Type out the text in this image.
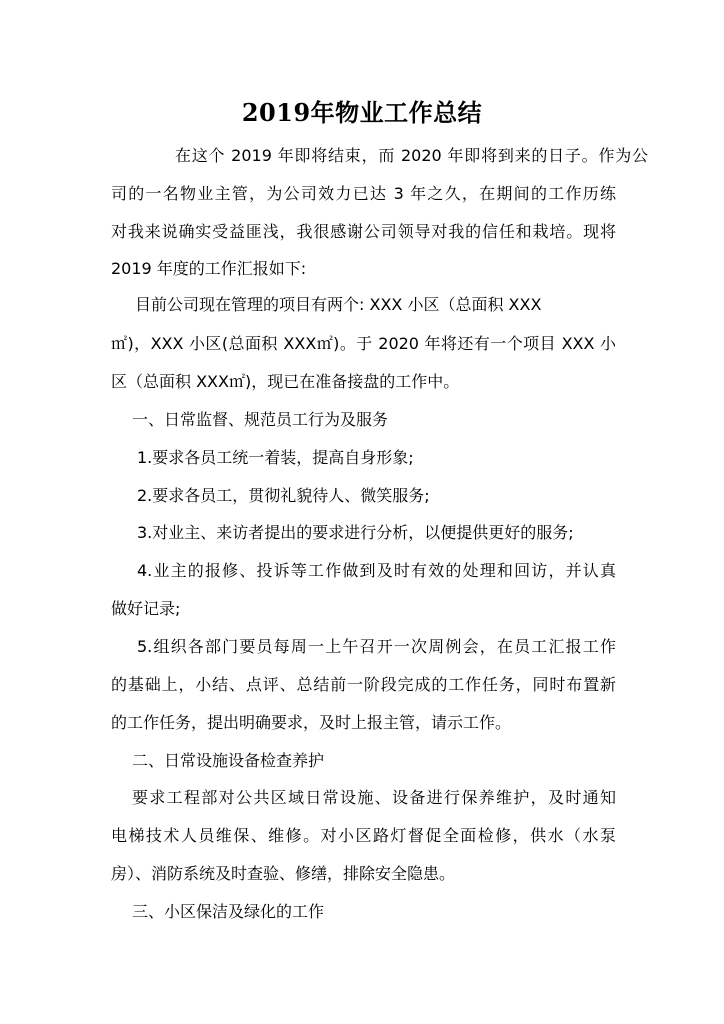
2019年物业工作总结
在这个 2019 年即将结束，而 2020 年即将到来的日子。作为公
司的一名物业主管，为公司效力已达 3 年之久，在期间的工作历练
对我来说确实受益匪浅，我很感谢公司领导对我的信任和栽培。现将
2019 年度的工作汇报如下:
目前公司现在管理的项目有两个: XXX 小区（总面积 XXX
㎡)，XXX 小区(总面积 XXX㎡)。于 2020 年将还有一个项目 XXX 小
区（总面积 XXX㎡)，现已在准备接盘的工作中。
一、日常监督、规范员工行为及服务
1.要求各员工统一着装，提高自身形象;
2.要求各员工，贯彻礼貌待人、微笑服务;
3.对业主、来访者提出的要求进行分析，以便提供更好的服务;
4.业主的报修、投诉等工作做到及时有效的处理和回访，并认真
做好记录;
5.组织各部门要员每周一上午召开一次周例会，在员工汇报工作
的基础上，小结、点评、总结前一阶段完成的工作任务，同时布置新
的工作任务，提出明确要求，及时上报主管，请示工作。
二、日常设施设备检查养护
要求工程部对公共区域日常设施、设备进行保养维护，及时通知
电梯技术人员维保、维修。对小区路灯督促全面检修，供水（水泵
房）、消防系统及时查验、修缮，排除安全隐患。
三、小区保洁及绿化的工作
